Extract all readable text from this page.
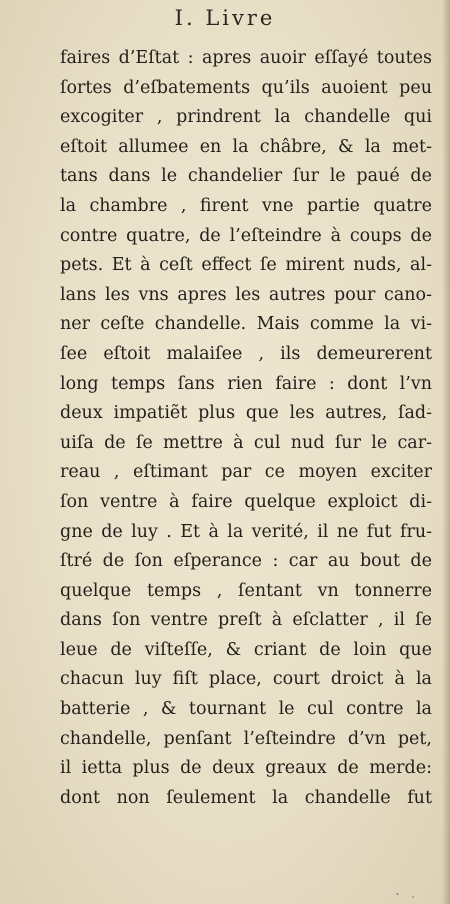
I. Livre
faires d’Eſtat : apres auoir eſſayé toutes
ſortes d’eſbatements qu’ils auoient peu
excogiter , prindrent la chandelle qui
eſtoit allumee en la châbre, & la met-
tans dans le chandelier ſur le paué de
la chambre , firent vne partie quatre
contre quatre, de l’eſteindre à coups de
pets. Et à ceſt effect ſe mirent nuds, al-
lans les vns apres les autres pour cano-
ner ceſte chandelle. Mais comme la vi-
ſee eſtoit malaiſee , ils demeurerent
long temps ſans rien faire : dont l’vn
deux impatiẽt plus que les autres, ſad-
uiſa de ſe mettre à cul nud ſur le car-
reau , eſtimant par ce moyen exciter
ſon ventre à faire quelque exploict di-
gne de luy . Et à la verité, il ne fut fru-
ſtré de ſon eſperance : car au bout de
quelque temps , ſentant vn tonnerre
dans ſon ventre preſt à eſclatter , il ſe
leue de viſteſſe, & criant de loin que
chacun luy fiſt place, court droict à la
batterie , & tournant le cul contre la
chandelle, penſant l’eſteindre d’vn pet,
il ietta plus de deux greaux de merde:
dont non ſeulement la chandelle fut
